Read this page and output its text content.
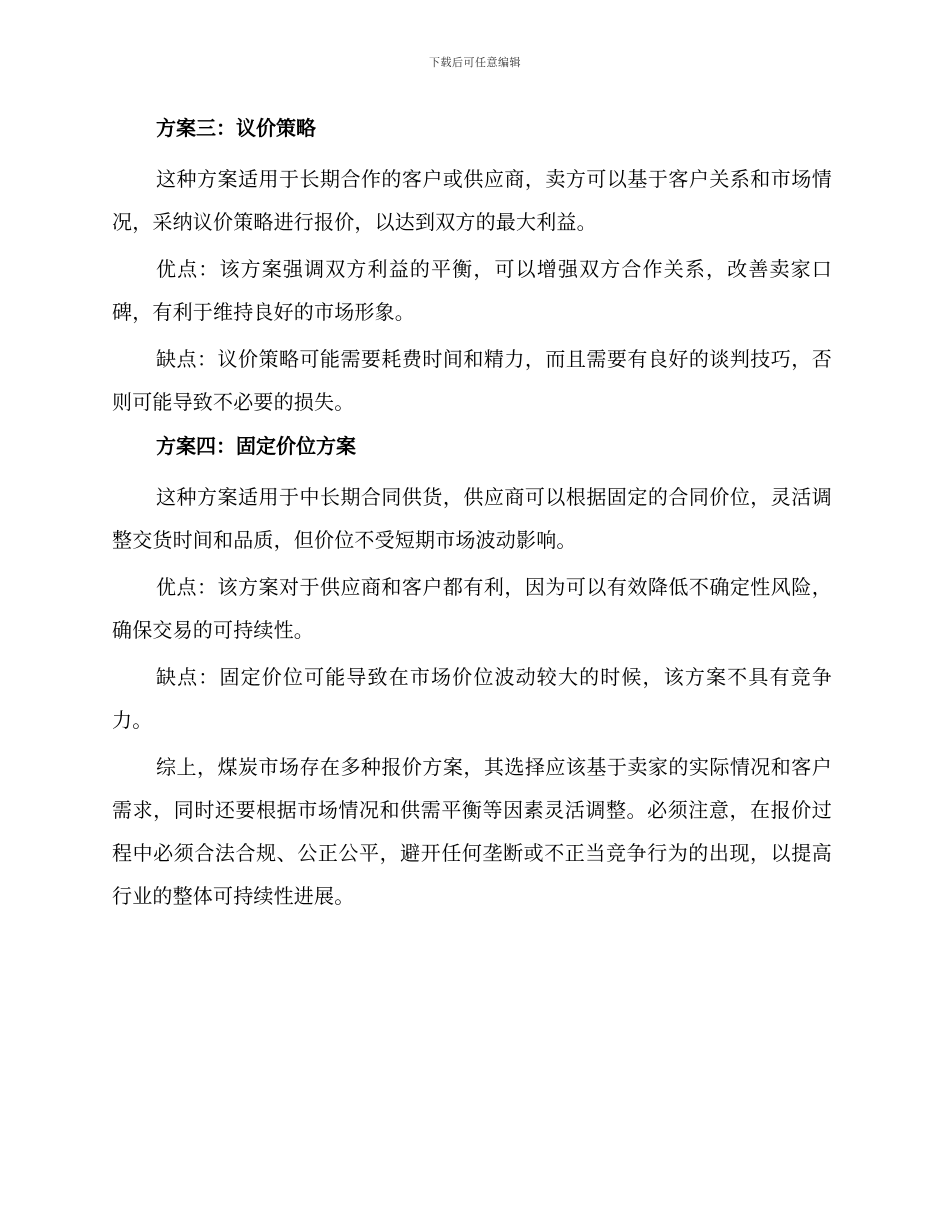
下载后可任意编辑

方案三：议价策略

这种方案适用于长期合作的客户或供应商，卖方可以基于客户关系和市场情况，采纳议价策略进行报价，以达到双方的最大利益。

优点：该方案强调双方利益的平衡，可以增强双方合作关系，改善卖家口碑，有利于维持良好的市场形象。

缺点：议价策略可能需要耗费时间和精力，而且需要有良好的谈判技巧，否则可能导致不必要的损失。

方案四：固定价位方案

这种方案适用于中长期合同供货，供应商可以根据固定的合同价位，灵活调整交货时间和品质，但价位不受短期市场波动影响。

优点：该方案对于供应商和客户都有利，因为可以有效降低不确定性风险，确保交易的可持续性。

缺点：固定价位可能导致在市场价位波动较大的时候，该方案不具有竞争力。

综上，煤炭市场存在多种报价方案，其选择应该基于卖家的实际情况和客户需求，同时还要根据市场情况和供需平衡等因素灵活调整。必须注意，在报价过程中必须合法合规、公正公平，避开任何垄断或不正当竞争行为的出现，以提高行业的整体可持续性进展。
